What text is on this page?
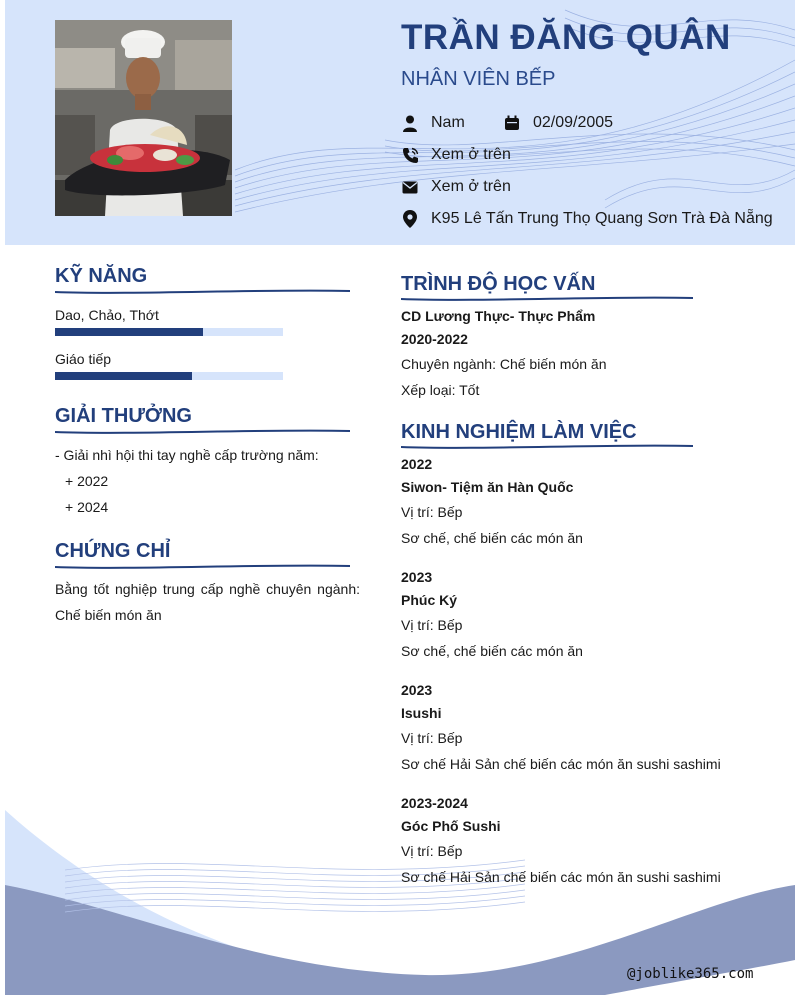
TRẦN ĐĂNG QUÂN
NHÂN VIÊN BẾP
Nam	02/09/2005
Xem ở trên
Xem ở trên
K95 Lê Tấn Trung Thọ Quang Sơn Trà Đà Nẵng
KỸ NĂNG
Dao, Chảo, Thớt
Giáo tiếp
GIẢI THƯỞNG
- Giải nhì hội thi tay nghề cấp trường năm:
+ 2022
+ 2024
CHỨNG CHỈ
Bằng tốt nghiệp trung cấp nghề chuyên ngành: Chế biến món ăn
TRÌNH ĐỘ HỌC VẤN
CD Lương Thực- Thực Phẩm
2020-2022
Chuyên ngành: Chế biến món ăn
Xếp loại: Tốt
KINH NGHIỆM LÀM VIỆC
2022
Siwon- Tiệm ăn Hàn Quốc
Vị trí: Bếp
Sơ chế, chế biến các món ăn
2023
Phúc Ký
Vị trí: Bếp
Sơ chế, chế biến các món ăn
2023
Isushi
Vị trí: Bếp
Sơ chế Hải Sản chế biến các món ăn sushi sashimi
2023-2024
Góc Phố Sushi
Vị trí: Bếp
Sơ chế Hải Sản chế biến các món ăn sushi sashimi
@joblike365.com
